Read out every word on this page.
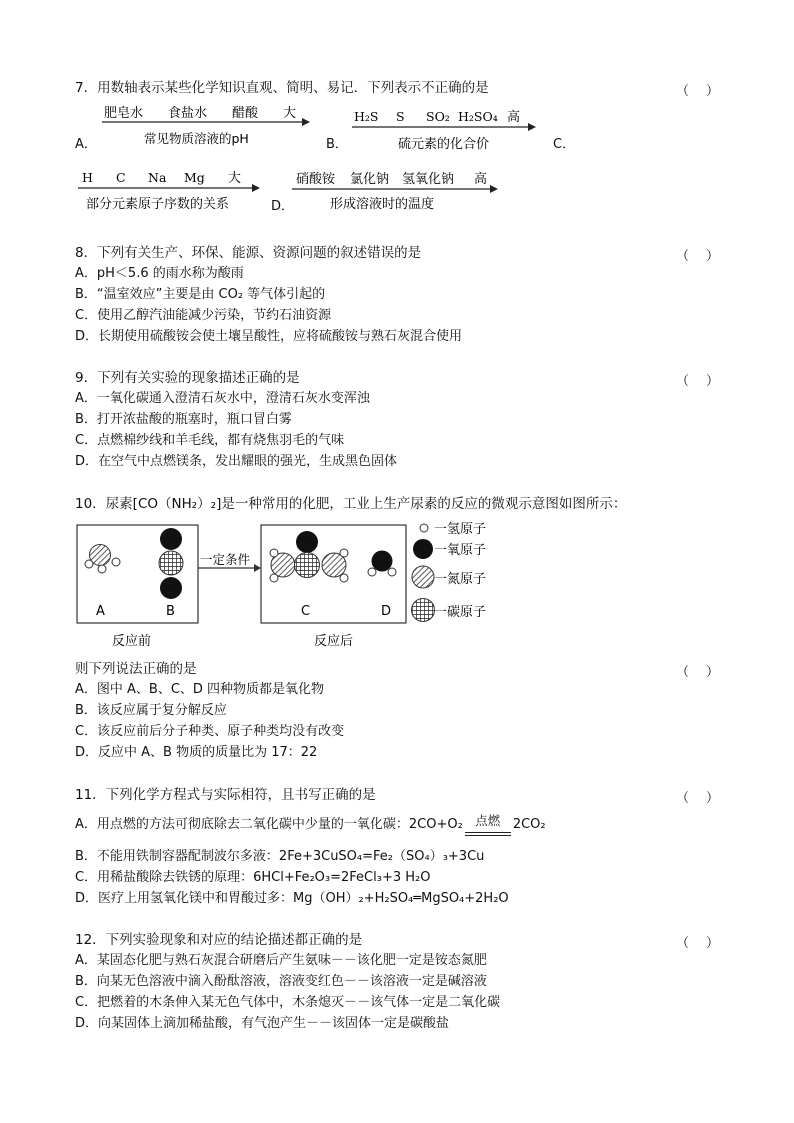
7．用数轴表示某些化学知识直观、简明、易记．下列表示不正确的是	（ ）
A．
肥皂水 食盐水 醋酸 大
常见物质溶液的pH	B．
H₂S S SO₂ H₂SO₄ 高
硫元素的化合价	C．
H C Na Mg 大
部分元素原子序数的关系	D．
硝酸铵 氯化钠 氢氧化钠 高
形成溶液时的温度
8．下列有关生产、环保、能源、资源问题的叙述错误的是	（ ）
A．pH＜5.6 的雨水称为酸雨
B．“温室效应”主要是由 CO₂ 等气体引起的
C．使用乙醇汽油能减少污染，节约石油资源
D．长期使用硫酸铵会使土壤呈酸性，应将硫酸铵与熟石灰混合使用
9．下列有关实验的现象描述正确的是	（ ）
A．一氧化碳通入澄清石灰水中，澄清石灰水变浑浊
B．打开浓盐酸的瓶塞时，瓶口冒白雾
C．点燃棉纱线和羊毛线，都有烧焦羽毛的气味
D．在空气中点燃镁条，发出耀眼的强光，生成黑色固体
10．尿素[CO（NH₂）₂]是一种常用的化肥，工业上生产尿素的反应的微观示意图如图所示：
A	B
反应前
一定条件
C	D
反应后
一氢原子
一氧原子
一氮原子
一碳原子
则下列说法正确的是	（ ）
A．图中 A、B、C、D 四种物质都是氧化物
B．该反应属于复分解反应
C．该反应前后分子种类、原子种类均没有改变
D．反应中 A、B 物质的质量比为 17：22
11．下列化学方程式与实际相符，且书写正确的是	（ ）
A．用点燃的方法可彻底除去二氧化碳中少量的一氧化碳：2CO+O₂ 点燃 2CO₂
B．不能用铁制容器配制波尔多液：2Fe+3CuSO₄=Fe₂（SO₄）₃+3Cu
C．用稀盐酸除去铁锈的原理：6HCl+Fe₂O₃=2FeCl₃+3 H₂O
D．医疗上用氢氧化镁中和胃酸过多：Mg（OH）₂+H₂SO₄═MgSO₄+2H₂O
12．下列实验现象和对应的结论描述都正确的是	（ ）
A．某固态化肥与熟石灰混合研磨后产生氨味－－该化肥一定是铵态氮肥
B．向某无色溶液中滴入酚酞溶液，溶液变红色－－该溶液一定是碱溶液
C．把燃着的木条伸入某无色气体中，木条熄灭－－该气体一定是二氧化碳
D．向某固体上滴加稀盐酸，有气泡产生－－该固体一定是碳酸盐
